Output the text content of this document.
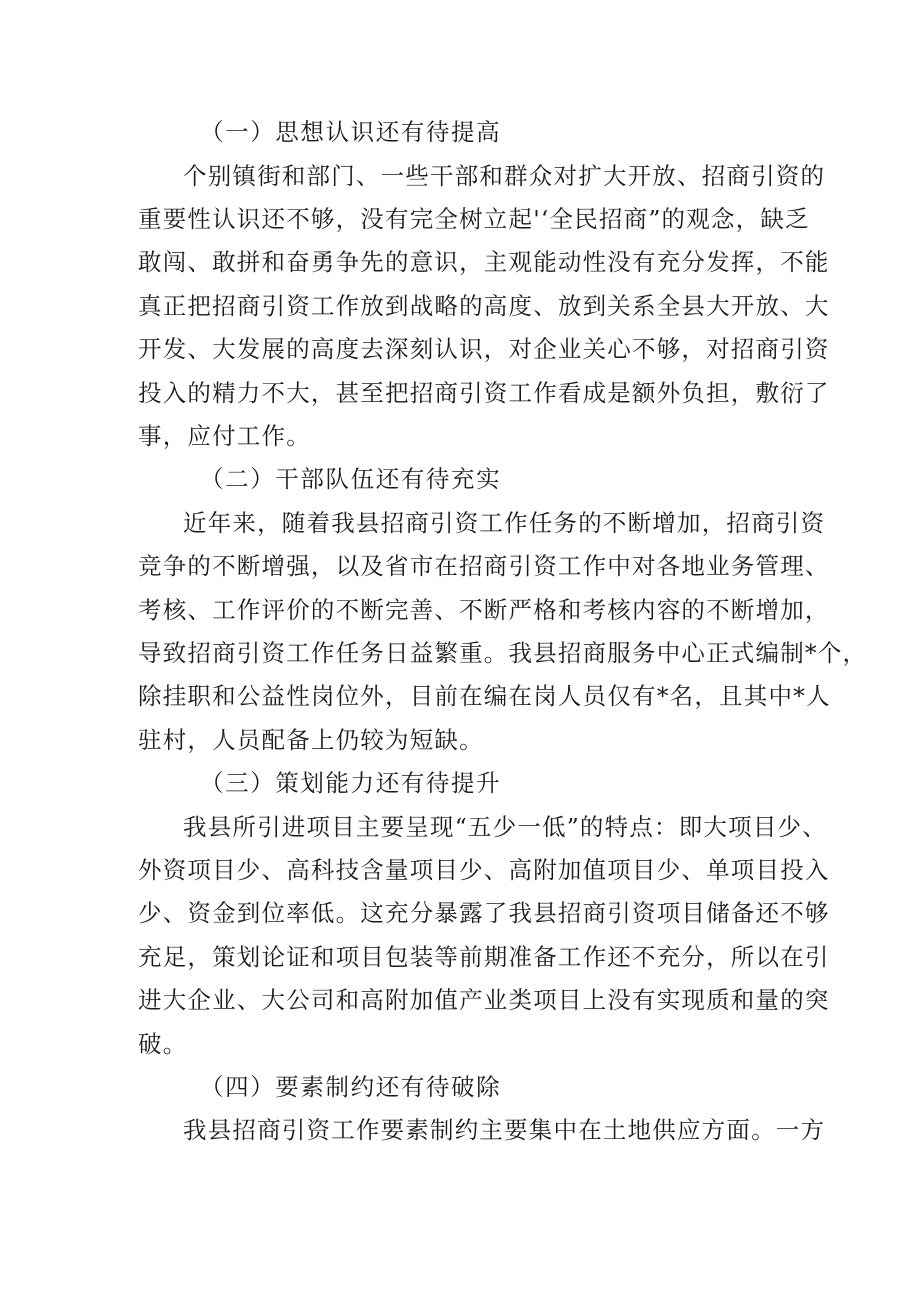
（一）思想认识还有待提高
个别镇街和部门、一些干部和群众对扩大开放、招商引资的
重要性认识还不够，没有完全树立起'‘全民招商”的观念，缺乏
敢闯、敢拼和奋勇争先的意识，主观能动性没有充分发挥，不能
真正把招商引资工作放到战略的高度、放到关系全县大开放、大
开发、大发展的高度去深刻认识，对企业关心不够，对招商引资
投入的精力不大，甚至把招商引资工作看成是额外负担，敷衍了
事，应付工作。
（二）干部队伍还有待充实
近年来，随着我县招商引资工作任务的不断增加，招商引资
竞争的不断增强，以及省市在招商引资工作中对各地业务管理、
考核、工作评价的不断完善、不断严格和考核内容的不断增加，
导致招商引资工作任务日益繁重。我县招商服务中心正式编制*个，
除挂职和公益性岗位外，目前在编在岗人员仅有*名，且其中*人
驻村，人员配备上仍较为短缺。
（三）策划能力还有待提升
我县所引进项目主要呈现“五少一低”的特点：即大项目少、
外资项目少、高科技含量项目少、高附加值项目少、单项目投入
少、资金到位率低。这充分暴露了我县招商引资项目储备还不够
充足，策划论证和项目包装等前期准备工作还不充分，所以在引
进大企业、大公司和高附加值产业类项目上没有实现质和量的突
破。
（四）要素制约还有待破除
我县招商引资工作要素制约主要集中在土地供应方面。一方
